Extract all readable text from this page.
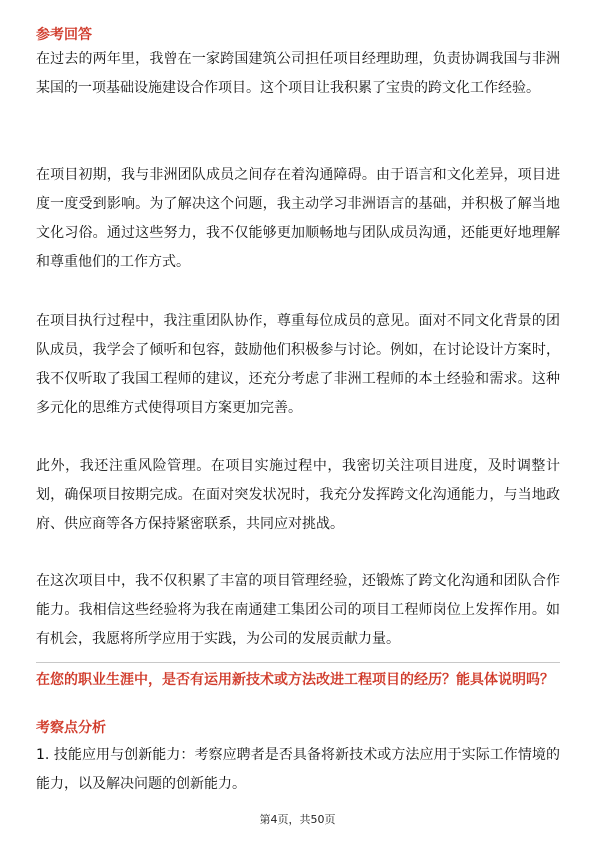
参考回答

在过去的两年里，我曾在一家跨国建筑公司担任项目经理助理，负责协调我国与非洲某国的一项基础设施建设合作项目。这个项目让我积累了宝贵的跨文化工作经验。

在项目初期，我与非洲团队成员之间存在着沟通障碍。由于语言和文化差异，项目进度一度受到影响。为了解决这个问题，我主动学习非洲语言的基础，并积极了解当地文化习俗。通过这些努力，我不仅能够更加顺畅地与团队成员沟通，还能更好地理解和尊重他们的工作方式。

在项目执行过程中，我注重团队协作，尊重每位成员的意见。面对不同文化背景的团队成员，我学会了倾听和包容，鼓励他们积极参与讨论。例如，在讨论设计方案时，我不仅听取了我国工程师的建议，还充分考虑了非洲工程师的本土经验和需求。这种多元化的思维方式使得项目方案更加完善。

此外，我还注重风险管理。在项目实施过程中，我密切关注项目进度，及时调整计划，确保项目按期完成。在面对突发状况时，我充分发挥跨文化沟通能力，与当地政府、供应商等各方保持紧密联系，共同应对挑战。

在这次项目中，我不仅积累了丰富的项目管理经验，还锻炼了跨文化沟通和团队合作能力。我相信这些经验将为我在南通建工集团公司的项目工程师岗位上发挥作用。如有机会，我愿将所学应用于实践，为公司的发展贡献力量。

在您的职业生涯中，是否有运用新技术或方法改进工程项目的经历？能具体说明吗？
考察点分析

1. 技能应用与创新能力：考察应聘者是否具备将新技术或方法应用于实际工作情境的能力，以及解决问题的创新能力。

第4页，共50页
